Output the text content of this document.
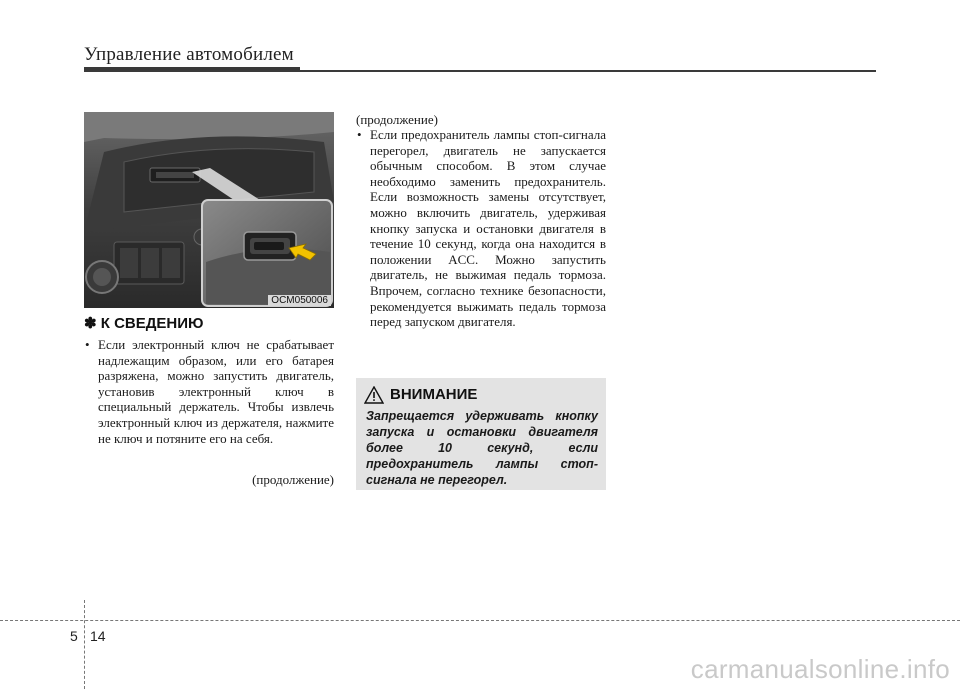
Управление автомобилем
OCM050006
✽ К СВЕДЕНИЮ
• Если электронный ключ не срабатывает надлежащим образом, или его батарея разряжена, можно запустить двигатель, установив электронный ключ в специальный держатель. Чтобы извлечь электронный ключ из держателя, нажмите не ключ и потяните его на себя.
(продолжение)
(продолжение)
• Если предохранитель лампы стоп-сигнала перегорел, двигатель не запускается обычным способом. В этом случае необходимо заменить предохранитель. Если возможность замены отсутствует, можно включить двигатель, удерживая кнопку запуска и остановки двигателя в течение 10 секунд, когда она находится в положении ACC. Можно запустить двигатель, не выжимая педаль тормоза. Впрочем, согласно технике безопасности, рекомендуется выжимать педаль тормоза перед запуском двигателя.
ВНИМАНИЕ
Запрещается удерживать кнопку запуска и остановки двигателя более 10 секунд, если предохранитель лампы стоп-сигнала не перегорел.
5 14
carmanualsonline.info
